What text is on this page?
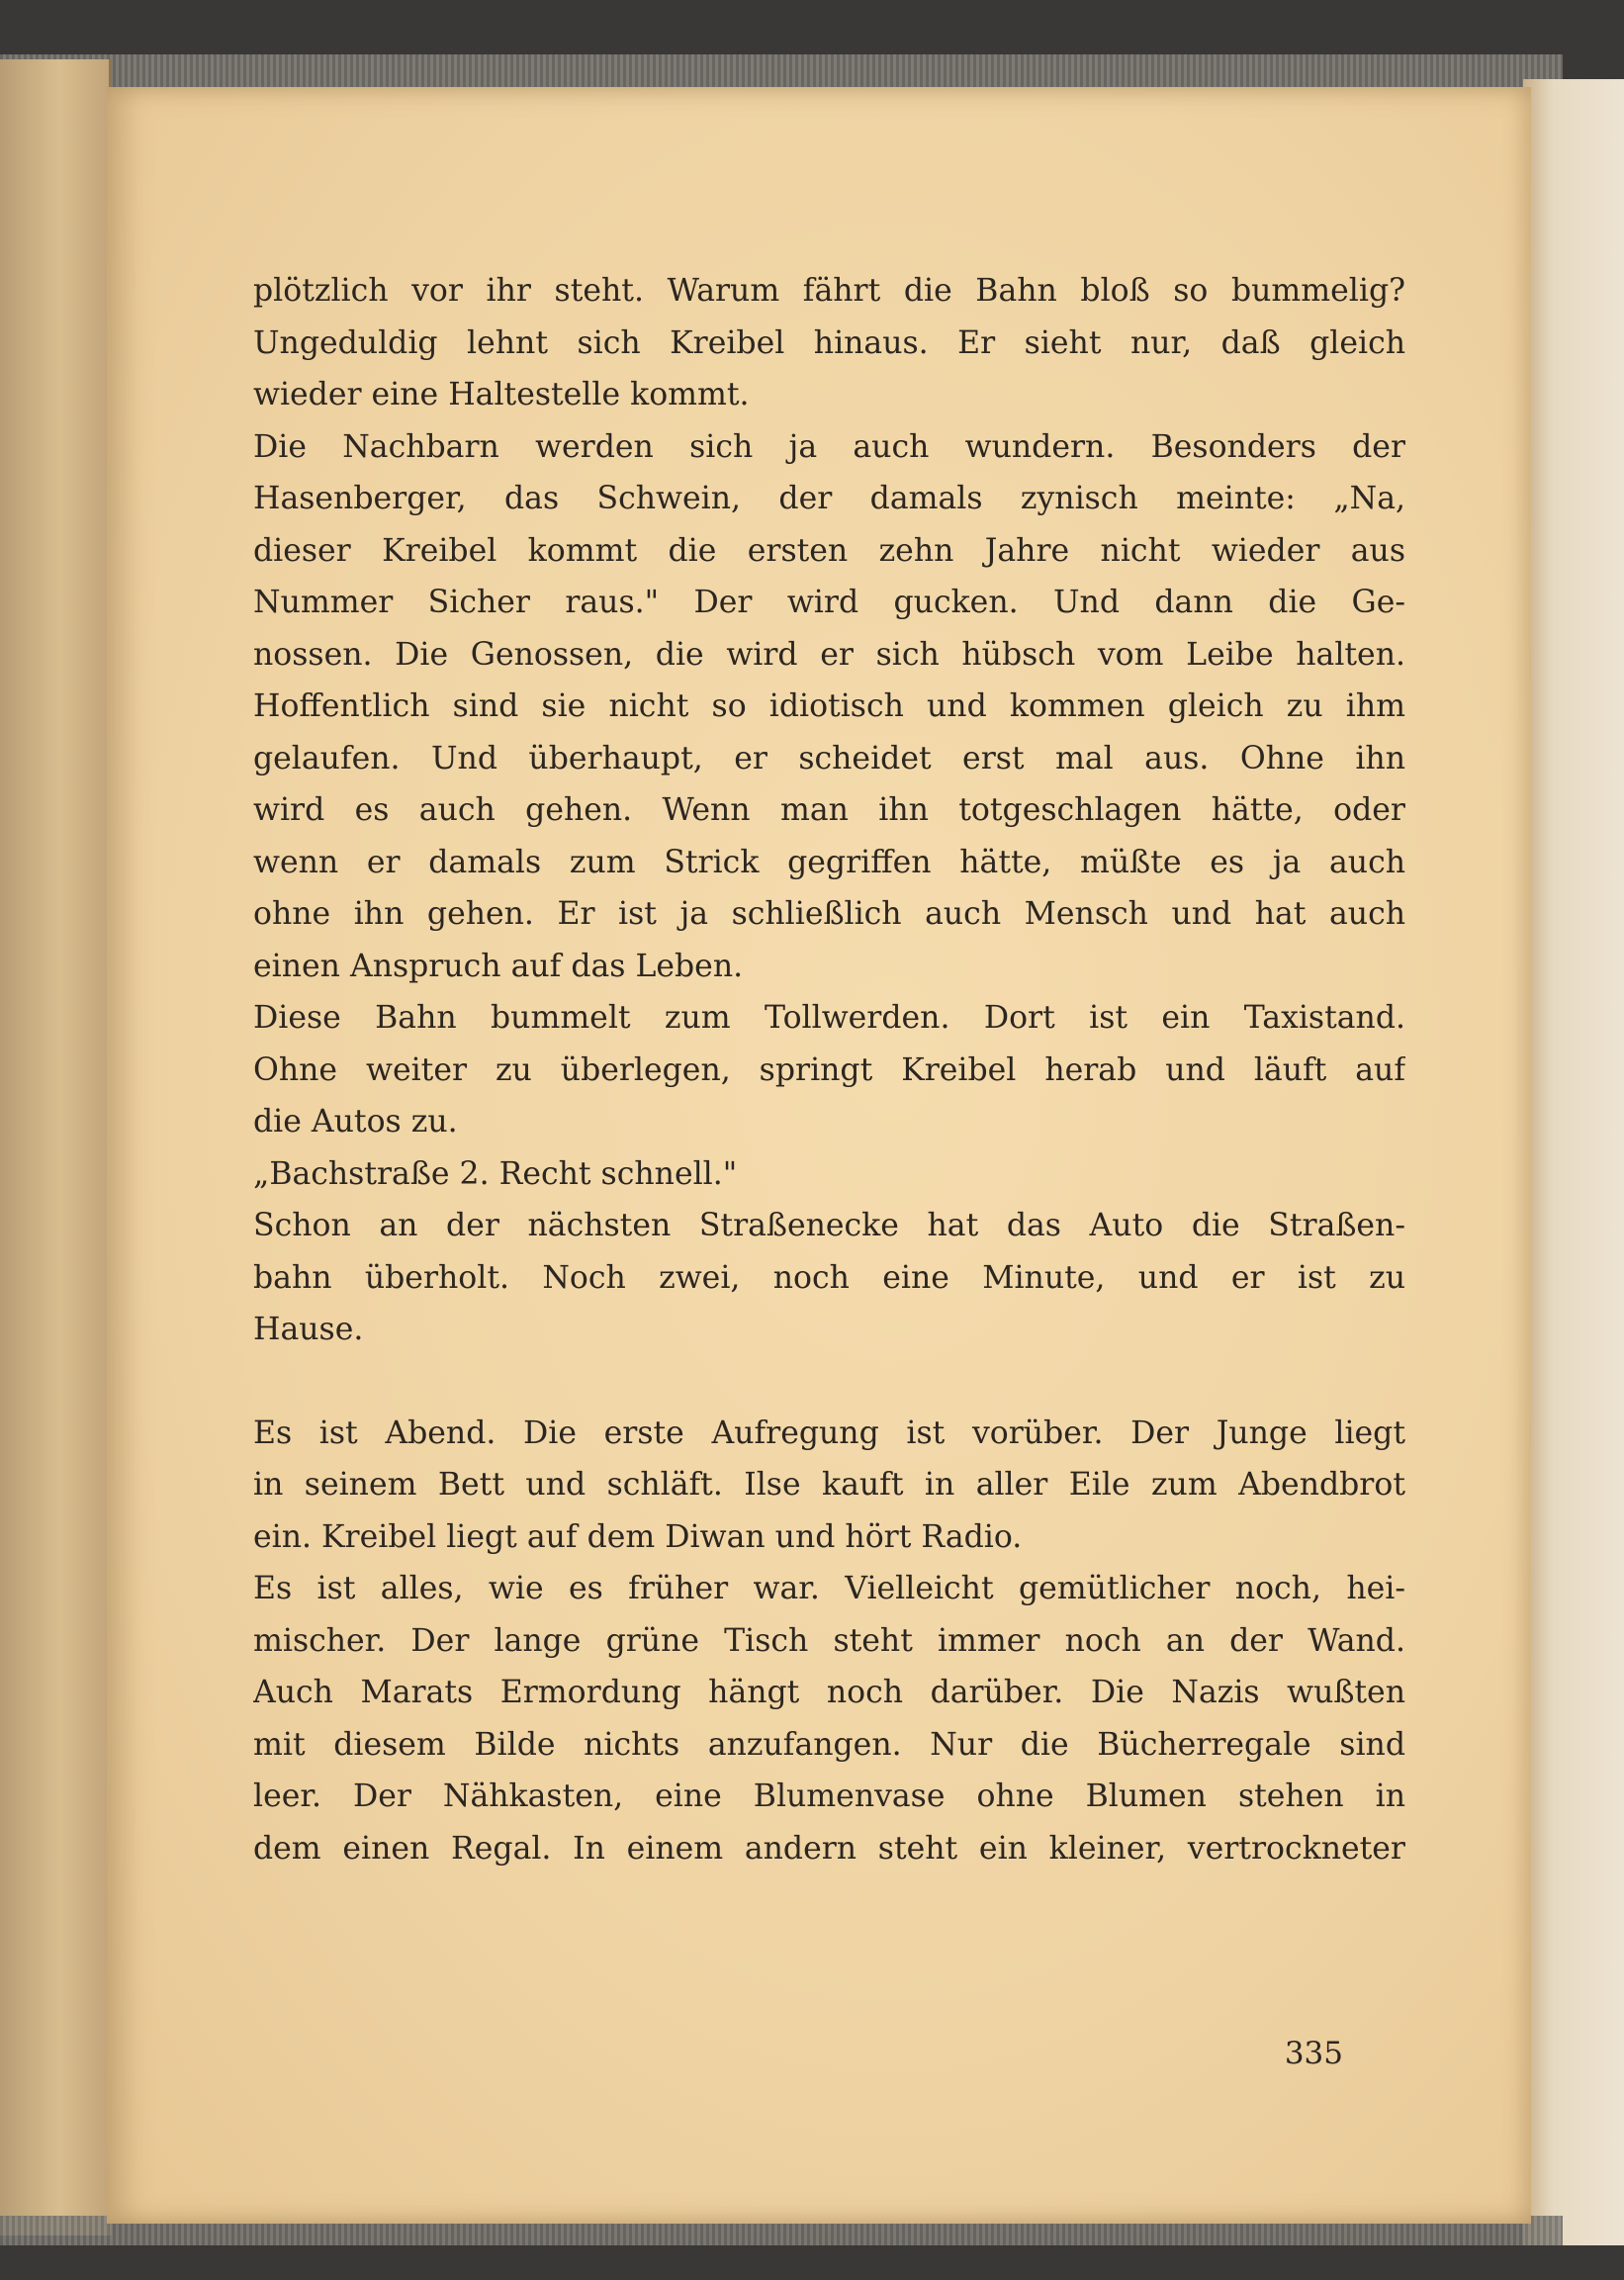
plötzlich vor ihr steht. Warum fährt die Bahn bloß so bummelig?
Ungeduldig lehnt sich Kreibel hinaus. Er sieht nur, daß gleich
wieder eine Haltestelle kommt.
Die Nachbarn werden sich ja auch wundern. Besonders der
Hasenberger, das Schwein, der damals zynisch meinte: „Na,
dieser Kreibel kommt die ersten zehn Jahre nicht wieder aus
Nummer Sicher raus." Der wird gucken. Und dann die Ge-
nossen. Die Genossen, die wird er sich hübsch vom Leibe halten.
Hoffentlich sind sie nicht so idiotisch und kommen gleich zu ihm
gelaufen. Und überhaupt, er scheidet erst mal aus. Ohne ihn
wird es auch gehen. Wenn man ihn totgeschlagen hätte, oder
wenn er damals zum Strick gegriffen hätte, müßte es ja auch
ohne ihn gehen. Er ist ja schließlich auch Mensch und hat auch
einen Anspruch auf das Leben.
Diese Bahn bummelt zum Tollwerden. Dort ist ein Taxistand.
Ohne weiter zu überlegen, springt Kreibel herab und läuft auf
die Autos zu.
„Bachstraße 2. Recht schnell."
Schon an der nächsten Straßenecke hat das Auto die Straßen-
bahn überholt. Noch zwei, noch eine Minute, und er ist zu
Hause.
Es ist Abend. Die erste Aufregung ist vorüber. Der Junge liegt
in seinem Bett und schläft. Ilse kauft in aller Eile zum Abendbrot
ein. Kreibel liegt auf dem Diwan und hört Radio.
Es ist alles, wie es früher war. Vielleicht gemütlicher noch, hei-
mischer. Der lange grüne Tisch steht immer noch an der Wand.
Auch Marats Ermordung hängt noch darüber. Die Nazis wußten
mit diesem Bilde nichts anzufangen. Nur die Bücherregale sind
leer. Der Nähkasten, eine Blumenvase ohne Blumen stehen in
dem einen Regal. In einem andern steht ein kleiner, vertrockneter
335
